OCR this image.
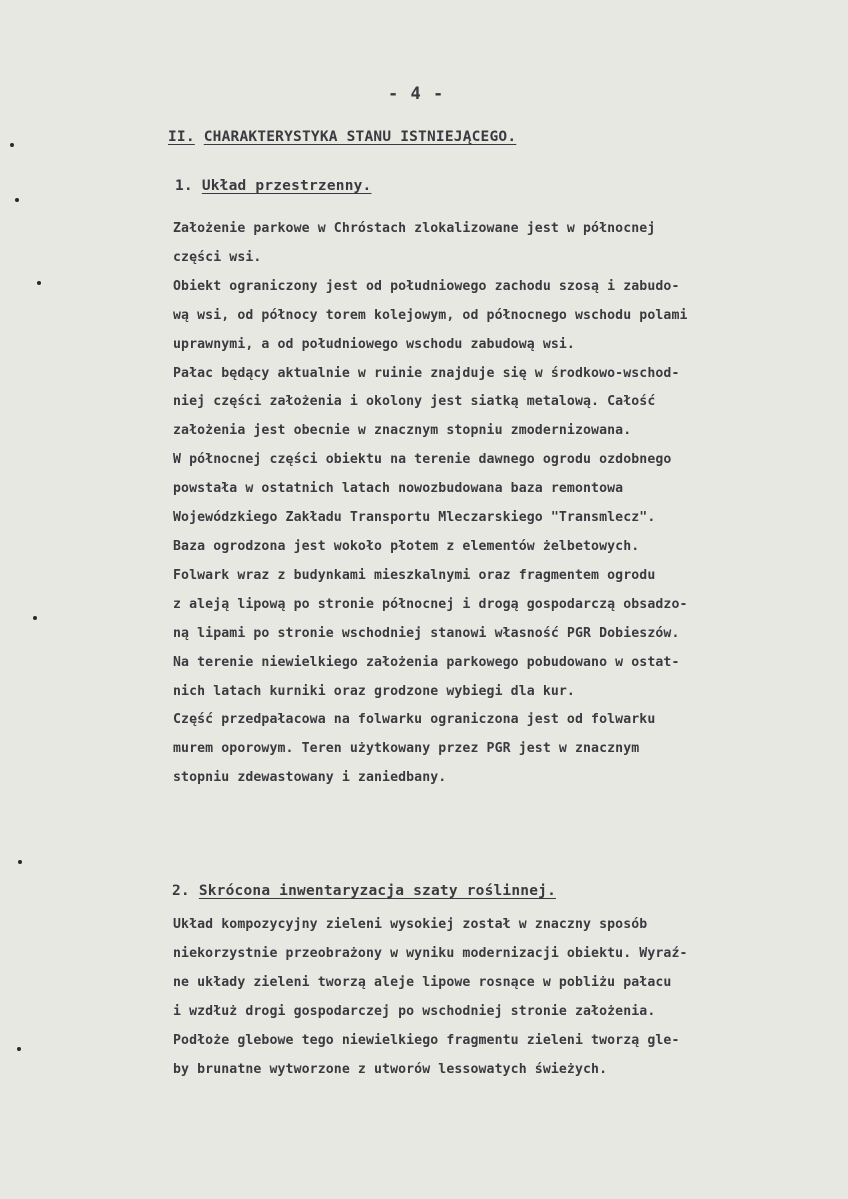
- 4 -
II. CHARAKTERYSTYKA STANU ISTNIEJĄCEGO.
1. Układ przestrzenny.
Założenie parkowe w Chróstach zlokalizowane jest w północnej
części wsi.
Obiekt ograniczony jest od południowego zachodu szosą i zabudo-
wą wsi, od północy torem kolejowym, od północnego wschodu polami
uprawnymi, a od południowego wschodu zabudową wsi.
Pałac będący aktualnie w ruinie znajduje się w środkowo-wschod-
niej części założenia i okolony jest siatką metalową. Całość
założenia jest obecnie w znacznym stopniu zmodernizowana.
W północnej części obiektu na terenie dawnego ogrodu ozdobnego
powstała w ostatnich latach nowozbudowana baza remontowa
Wojewódzkiego Zakładu Transportu Mleczarskiego "Transmlecz".
Baza ogrodzona jest wokoło płotem z elementów żelbetowych.
Folwark wraz z budynkami mieszkalnymi oraz fragmentem ogrodu
z aleją lipową po stronie północnej i drogą gospodarczą obsadzo-
ną lipami po stronie wschodniej stanowi własność PGR Dobieszów.
Na terenie niewielkiego założenia parkowego pobudowano w ostat-
nich latach kurniki oraz grodzone wybiegi dla kur.
Część przedpałacowa na folwarku ograniczona jest od folwarku
murem oporowym. Teren użytkowany przez PGR jest w znacznym
stopniu zdewastowany i zaniedbany.
2. Skrócona inwentaryzacja szaty roślinnej.
Układ kompozycyjny zieleni wysokiej został w znaczny sposób
niekorzystnie przeobrażony w wyniku modernizacji obiektu. Wyraź-
ne układy zieleni tworzą aleje lipowe rosnące w pobliżu pałacu
i wzdłuż drogi gospodarczej po wschodniej stronie założenia.
Podłoże glebowe tego niewielkiego fragmentu zieleni tworzą gle-
by brunatne wytworzone z utworów lessowatych świeżych.
